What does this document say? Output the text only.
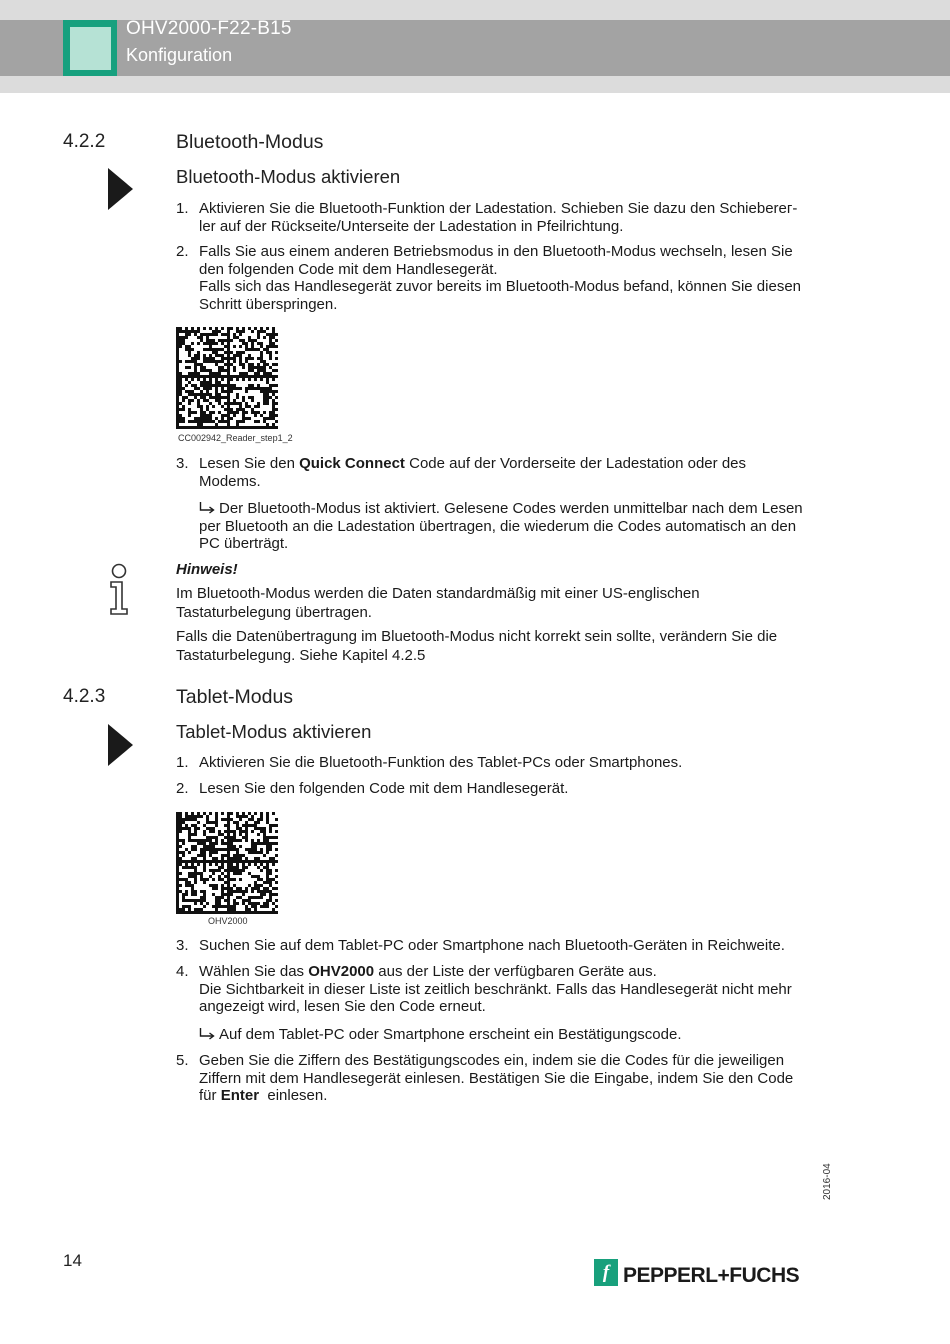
OHV2000-F22-B15
Konfiguration
4.2.2	Bluetooth-Modus
Bluetooth-Modus aktivieren
1. Aktivieren Sie die Bluetooth-Funktion der Ladestation. Schieben Sie dazu den Schieberег-
ler auf der Rückseite/Unterseite der Ladestation in Pfeilrichtung.
2. Falls Sie aus einem anderen Betriebsmodus in den Bluetooth-Modus wechseln, lesen Sie
den folgenden Code mit dem Handlesegerät.
Falls sich das Handlesegerät zuvor bereits im Bluetooth-Modus befand, können Sie diesen
Schritt überspringen.
CC002942_Reader_step1_2
3. Lesen Sie den Quick Connect Code auf der Vorderseite der Ladestation oder des
Modems.
Der Bluetooth-Modus ist aktiviert. Gelesene Codes werden unmittelbar nach dem Lesen
per Bluetooth an die Ladestation übertragen, die wiederum die Codes automatisch an den
PC überträgt.
Hinweis!
Im Bluetooth-Modus werden die Daten standardmäßig mit einer US-englischen
Tastaturbelegung übertragen.
Falls die Datenübertragung im Bluetooth-Modus nicht korrekt sein sollte, verändern Sie die
Tastaturbelegung. Siehe Kapitel 4.2.5
4.2.3	Tablet-Modus
Tablet-Modus aktivieren
1. Aktivieren Sie die Bluetooth-Funktion des Tablet-PCs oder Smartphones.
2. Lesen Sie den folgenden Code mit dem Handlesegerät.
OHV2000
3. Suchen Sie auf dem Tablet-PC oder Smartphone nach Bluetooth-Geräten in Reichweite.
4. Wählen Sie das OHV2000 aus der Liste der verfügbaren Geräte aus.
Die Sichtbarkeit in dieser Liste ist zeitlich beschränkt. Falls das Handlesegerät nicht mehr
angezeigt wird, lesen Sie den Code erneut.
Auf dem Tablet-PC oder Smartphone erscheint ein Bestätigungscode.
5. Geben Sie die Ziffern des Bestätigungscodes ein, indem sie die Codes für die jeweiligen
Ziffern mit dem Handlesegerät einlesen. Bestätigen Sie die Eingabe, indem Sie den Code
für Enter  einlesen.
2016-04
14
f PEPPERL+FUCHS
